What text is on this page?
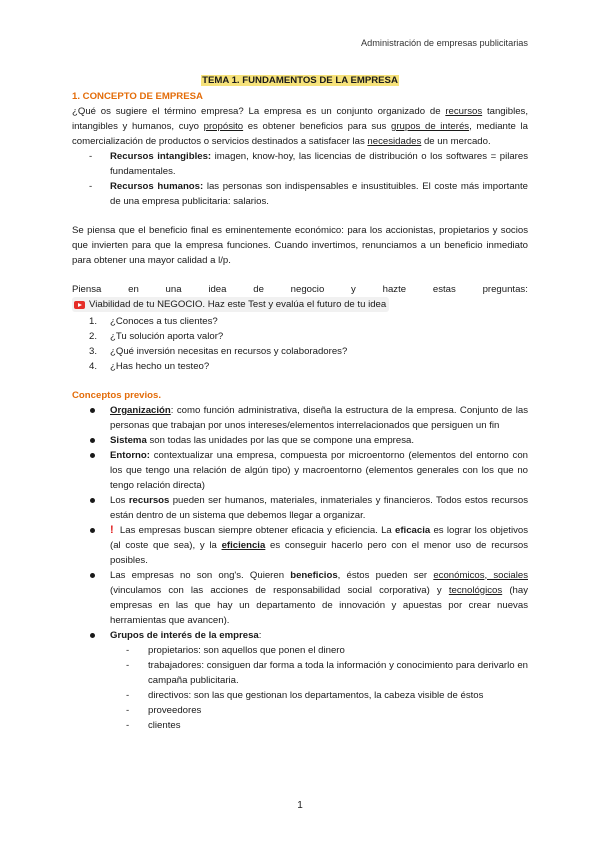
Administración de empresas publicitarias
TEMA 1. FUNDAMENTOS DE LA EMPRESA

1. CONCEPTO DE EMPRESA

¿Qué os sugiere el término empresa? La empresa es un conjunto organizado de recursos tangibles, intangibles y humanos, cuyo propósito es obtener beneficios para sus grupos de interés, mediante la comercialización de productos o servicios destinados a satisfacer las necesidades de un mercado.

- Recursos intangibles: imagen, know-hoy, las licencias de distribución o los softwares = pilares fundamentales.
- Recursos humanos: las personas son indispensables e insustituibles. El coste más importante de una empresa publicitaria: salarios.

Se piensa que el beneficio final es eminentemente económico: para los accionistas, propietarios y socios que invierten para que la empresa funciones. Cuando invertimos, renunciamos a un beneficio inmediato para obtener una mayor calidad a l/p.

Piensa	en	una	idea	de	negocio	y	hazte	estas	preguntas:
Viabilidad de tu NEGOCIO. Haz este Test y evalúa el futuro de tu idea
1. ¿Conoces a tus clientes?
2. ¿Tu solución aporta valor?
3. ¿Qué inversión necesitas en recursos y colaboradores?
4. ¿Has hecho un testeo?

Conceptos previos.

Organización: como función administrativa, diseña la estructura de la empresa. Conjunto de las personas que trabajan por unos intereses/elementos interrelacionados que persiguen un fin
Sistema son todas las unidades por las que se compone una empresa.
Entorno: contextualizar una empresa, compuesta por microentorno (elementos del entorno con los que tengo una relación de algún tipo) y macroentorno (elementos generales con los que no tengo relación directa)
Los recursos pueden ser humanos, materiales, inmateriales y financieros. Todos estos recursos están dentro de un sistema que debemos llegar a organizar.
! Las empresas buscan siempre obtener eficacia y eficiencia. La eficacia es lograr los objetivos (al coste que sea), y la eficiencia es conseguir hacerlo pero con el menor uso de recursos posibles.
Las empresas no son ong's. Quieren beneficios, éstos pueden ser económicos, sociales (vinculamos con las acciones de responsabilidad social corporativa) y tecnológicos (hay empresas en las que hay un departamento de innovación y apuestas por crear nuevas herramientas que avancen).
Grupos de interés de la empresa:
- propietarios: son aquellos que ponen el dinero
- trabajadores: consiguen dar forma a toda la información y conocimiento para derivarlo en campaña publicitaria.
- directivos: son las que gestionan los departamentos, la cabeza visible de éstos
- proveedores
- clientes
1
